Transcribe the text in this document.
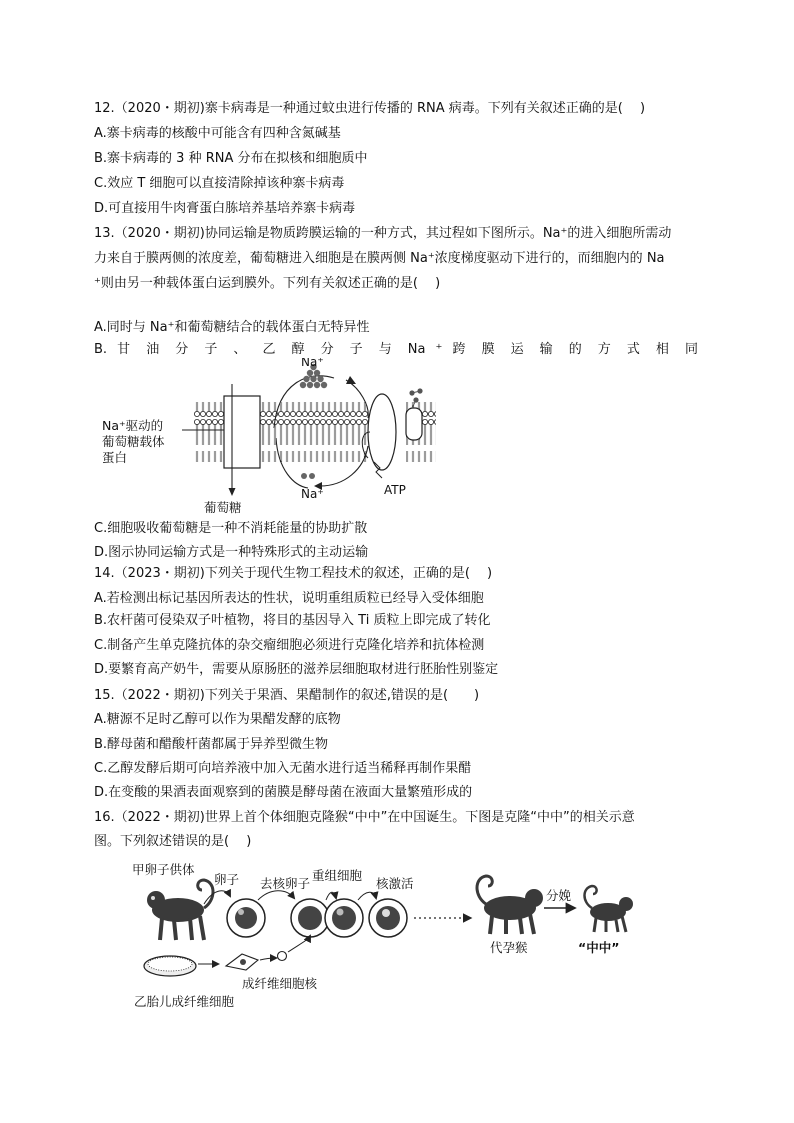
12.（2020・期初)寨卡病毒是一种通过蚊虫进行传播的 RNA 病毒。下列有关叙述正确的是(　 )
A.寨卡病毒的核酸中可能含有四种含氮碱基
B.寨卡病毒的 3 种 RNA 分布在拟核和细胞质中
C.效应 T 细胞可以直接清除掉该种寨卡病毒
D.可直接用牛肉膏蛋白胨培养基培养寨卡病毒
13.（2020・期初)协同运输是物质跨膜运输的一种方式，其过程如下图所示。Na⁺的进入细胞所需动
力来自于膜两侧的浓度差，葡萄糖进入细胞是在膜两侧 Na⁺浓度梯度驱动下进行的，而细胞内的 Na
⁺则由另一种载体蛋白运到膜外。下列有关叙述正确的是(　 )
A.同时与 Na⁺和葡萄糖结合的载体蛋白无特异性
B. 甘 油 分 子 、 乙 醇 分 子 与 Na ⁺ 跨 膜 运 输 的 方 式 相 同
Na⁺驱动的
葡萄糖载体
蛋白
Na⁺
Na⁺
葡萄糖
ATP
C.细胞吸收葡萄糖是一种不消耗能量的协助扩散
D.图示协同运输方式是一种特殊形式的主动运输
14.（2023・期初)下列关于现代生物工程技术的叙述，正确的是(　 )
A.若检测出标记基因所表达的性状，说明重组质粒已经导入受体细胞
B.农杆菌可侵染双子叶植物，将目的基因导入 Ti 质粒上即完成了转化
C.制备产生单克隆抗体的杂交瘤细胞必须进行克隆化培养和抗体检测
D.要繁育高产奶牛，需要从原肠胚的滋养层细胞取材进行胚胎性别鉴定
15.（2022・期初)下列关于果酒、果醋制作的叙述,错误的是(　　)
A.糖源不足时乙醇可以作为果醋发酵的底物
B.酵母菌和醋酸杆菌都属于异养型微生物
C.乙醇发酵后期可向培养液中加入无菌水进行适当稀释再制作果醋
D.在变酸的果酒表面观察到的菌膜是酵母菌在液面大量繁殖形成的
16.（2022・期初)世界上首个体细胞克隆猴“中中”在中国诞生。下图是克隆“中中”的相关示意
图。下列叙述错误的是(　 )
甲卵子供体
卵子 去核卵子
重组细胞
核激活
代孕猴
分娩
“中中”
成纤维细胞核
乙胎儿成纤维细胞
